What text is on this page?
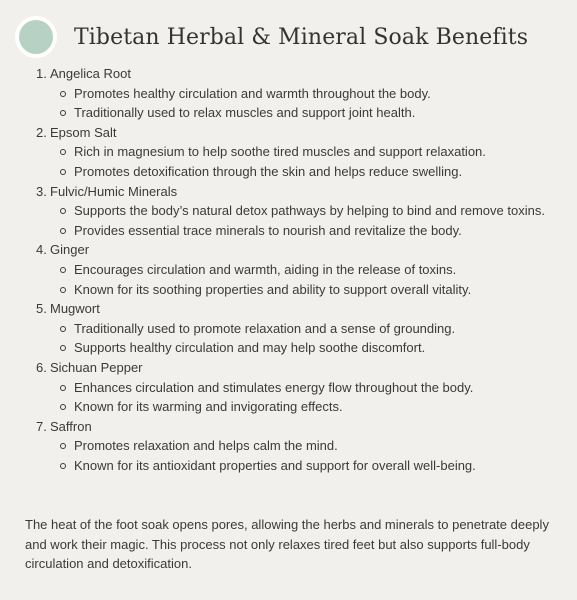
Tibetan Herbal & Mineral Soak Benefits
1. Angelica Root
Promotes healthy circulation and warmth throughout the body.
Traditionally used to relax muscles and support joint health.
2. Epsom Salt
Rich in magnesium to help soothe tired muscles and support relaxation.
Promotes detoxification through the skin and helps reduce swelling.
3. Fulvic/Humic Minerals
Supports the body’s natural detox pathways by helping to bind and remove toxins.
Provides essential trace minerals to nourish and revitalize the body.
4. Ginger
Encourages circulation and warmth, aiding in the release of toxins.
Known for its soothing properties and ability to support overall vitality.
5. Mugwort
Traditionally used to promote relaxation and a sense of grounding.
Supports healthy circulation and may help soothe discomfort.
6. Sichuan Pepper
Enhances circulation and stimulates energy flow throughout the body.
Known for its warming and invigorating effects.
7. Saffron
Promotes relaxation and helps calm the mind.
Known for its antioxidant properties and support for overall well-being.

The heat of the foot soak opens pores, allowing the herbs and minerals to penetrate deeply and work their magic. This process not only relaxes tired feet but also supports full-body circulation and detoxification.
